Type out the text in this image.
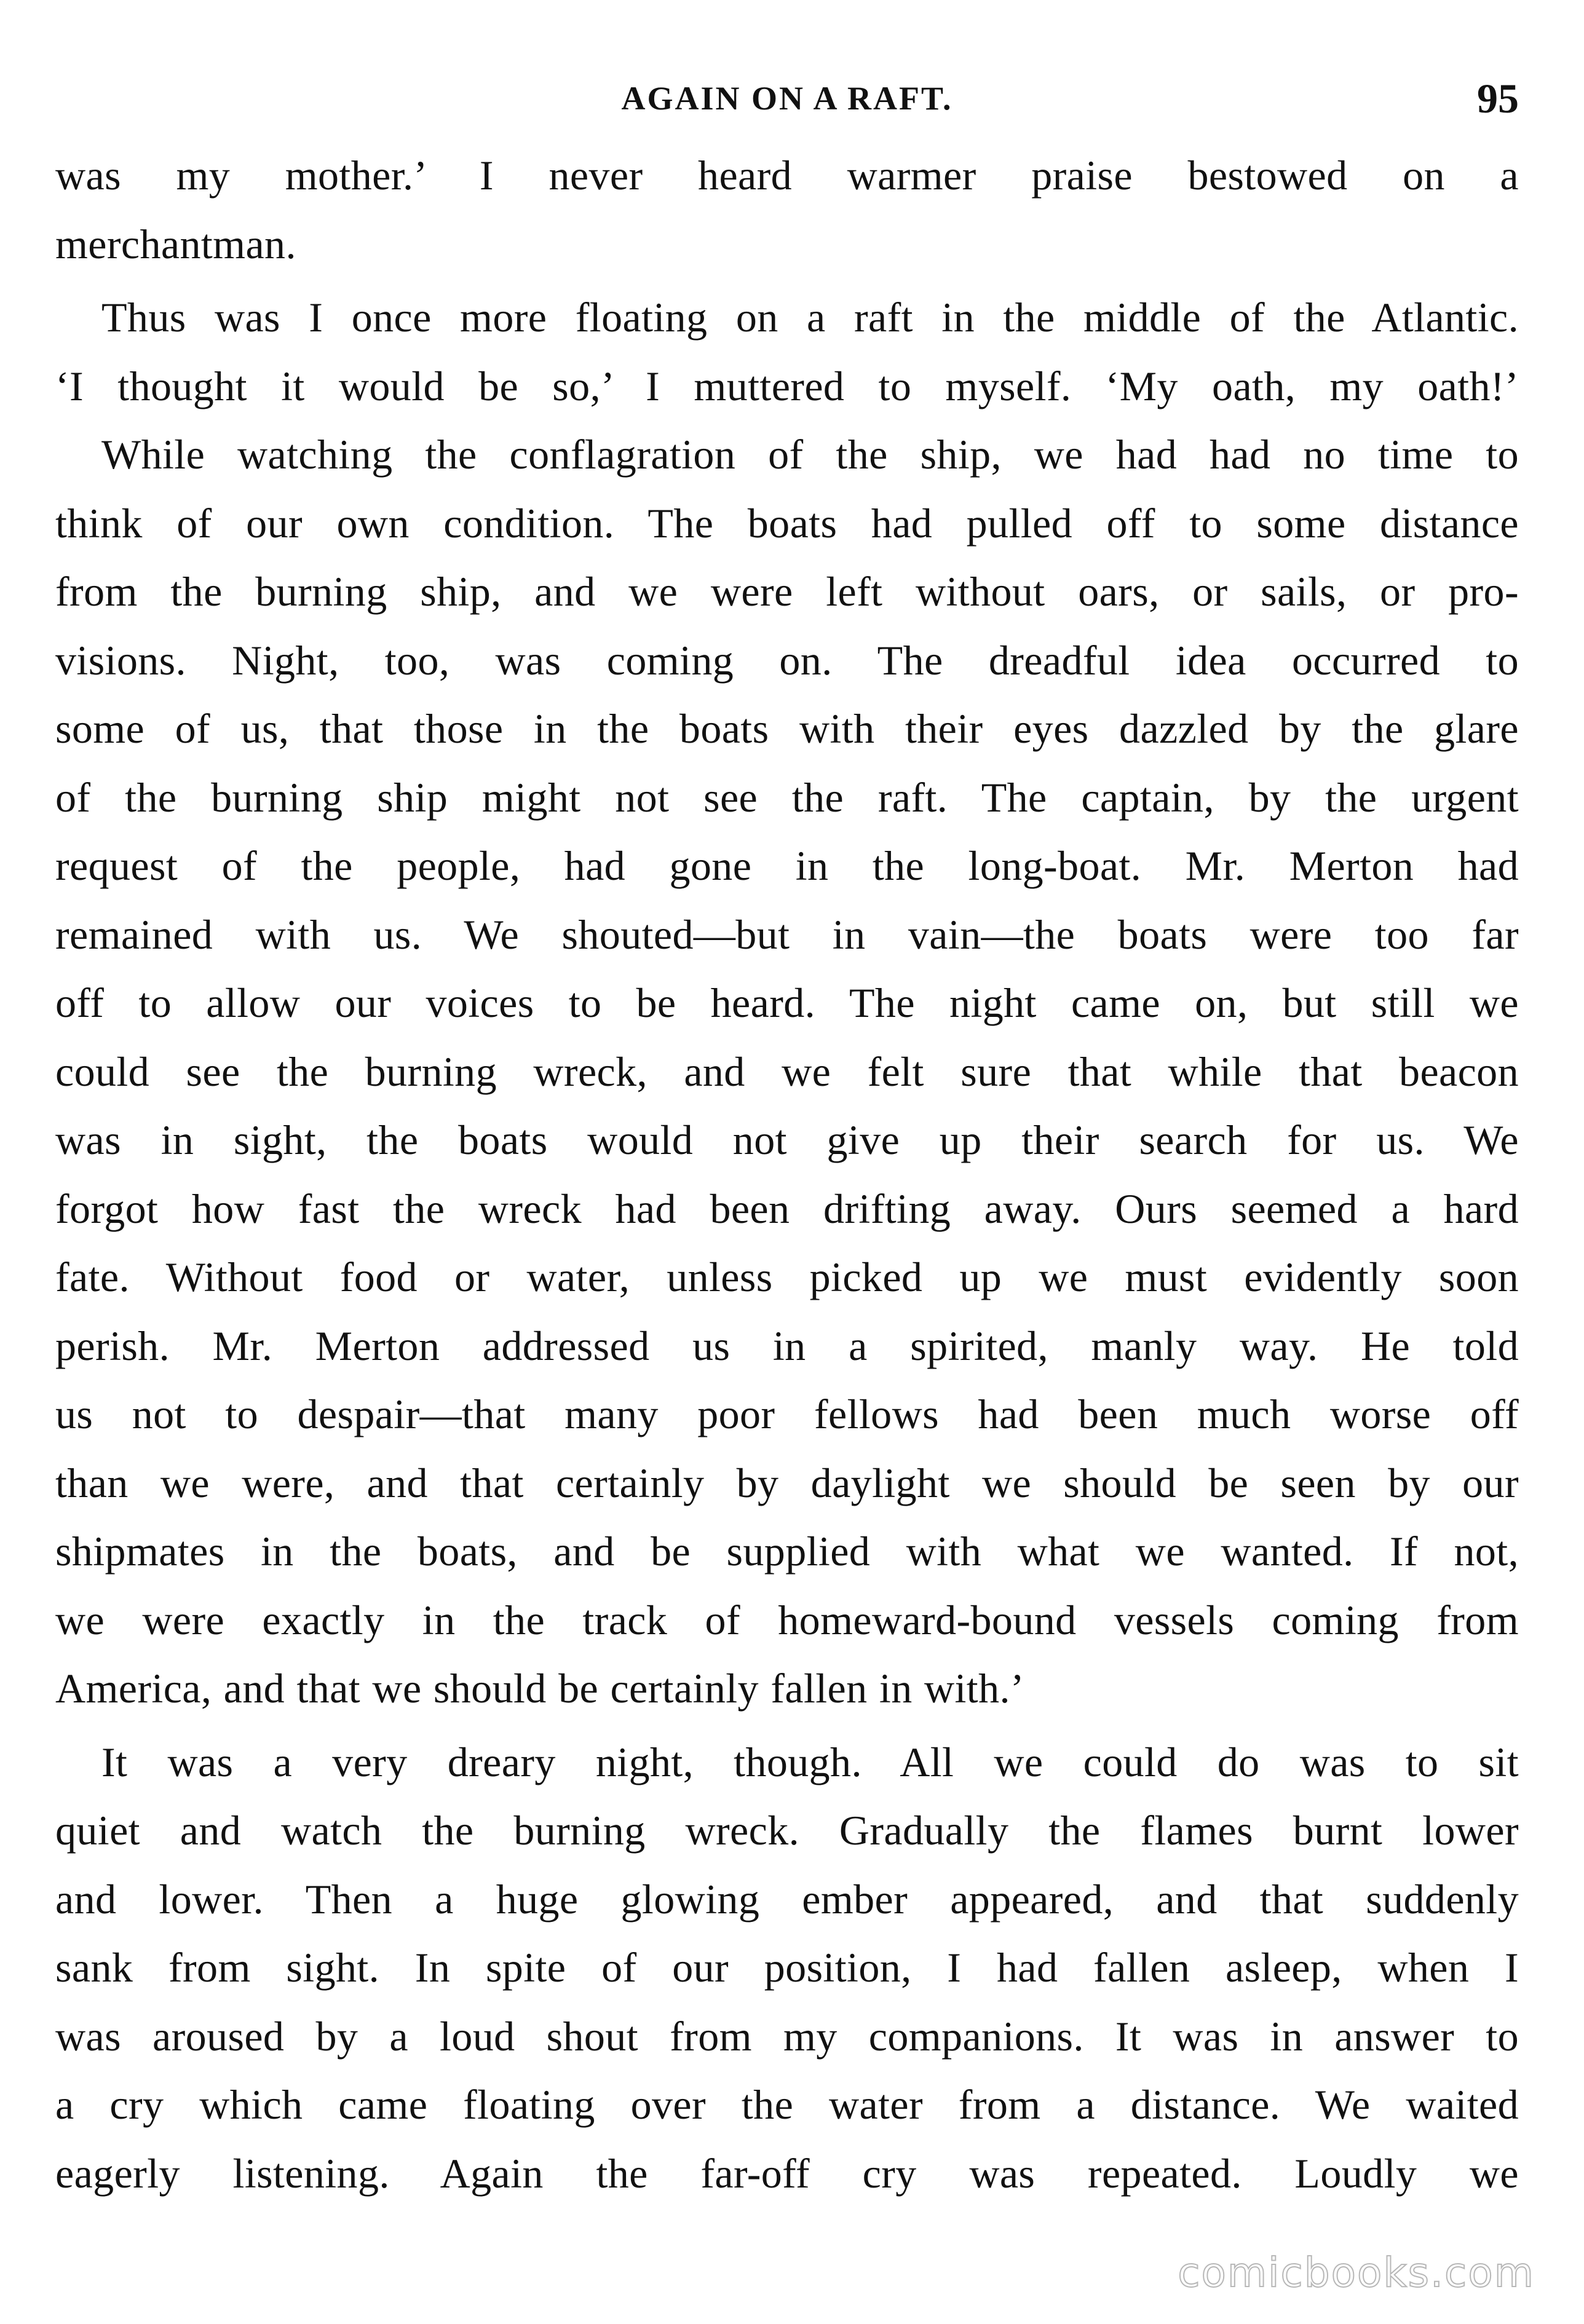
AGAIN ON A RAFT.	95

was my mother.’ I never heard warmer praise bestowed on a

merchantman.

Thus was I once more floating on a raft in the middle of the Atlantic.

‘I thought it would be so,’ I muttered to myself. ‘My oath, my oath!’

While watching the conflagration of the ship, we had had no time to

think of our own condition. The boats had pulled off to some distance

from the burning ship, and we were left without oars, or sails, or pro-

visions. Night, too, was coming on. The dreadful idea occurred to

some of us, that those in the boats with their eyes dazzled by the glare

of the burning ship might not see the raft. The captain, by the urgent

request of the people, had gone in the long-boat. Mr. Merton had

remained with us. We shouted—but in vain—the boats were too far

off to allow our voices to be heard. The night came on, but still we

could see the burning wreck, and we felt sure that while that beacon

was in sight, the boats would not give up their search for us. We

forgot how fast the wreck had been drifting away. Ours seemed a hard

fate. Without food or water, unless picked up we must evidently soon

perish. Mr. Merton addressed us in a spirited, manly way. He told

us not to despair—that many poor fellows had been much worse off

than we were, and that certainly by daylight we should be seen by our

shipmates in the boats, and be supplied with what we wanted. If not,

we were exactly in the track of homeward-bound vessels coming from

America, and that we should be certainly fallen in with.’

It was a very dreary night, though. All we could do was to sit

quiet and watch the burning wreck. Gradually the flames burnt lower

and lower. Then a huge glowing ember appeared, and that suddenly

sank from sight. In spite of our position, I had fallen asleep, when I

was aroused by a loud shout from my companions. It was in answer to

a cry which came floating over the water from a distance. We waited

eagerly listening. Again the far-off cry was repeated. Loudly we

comicbooks.com
